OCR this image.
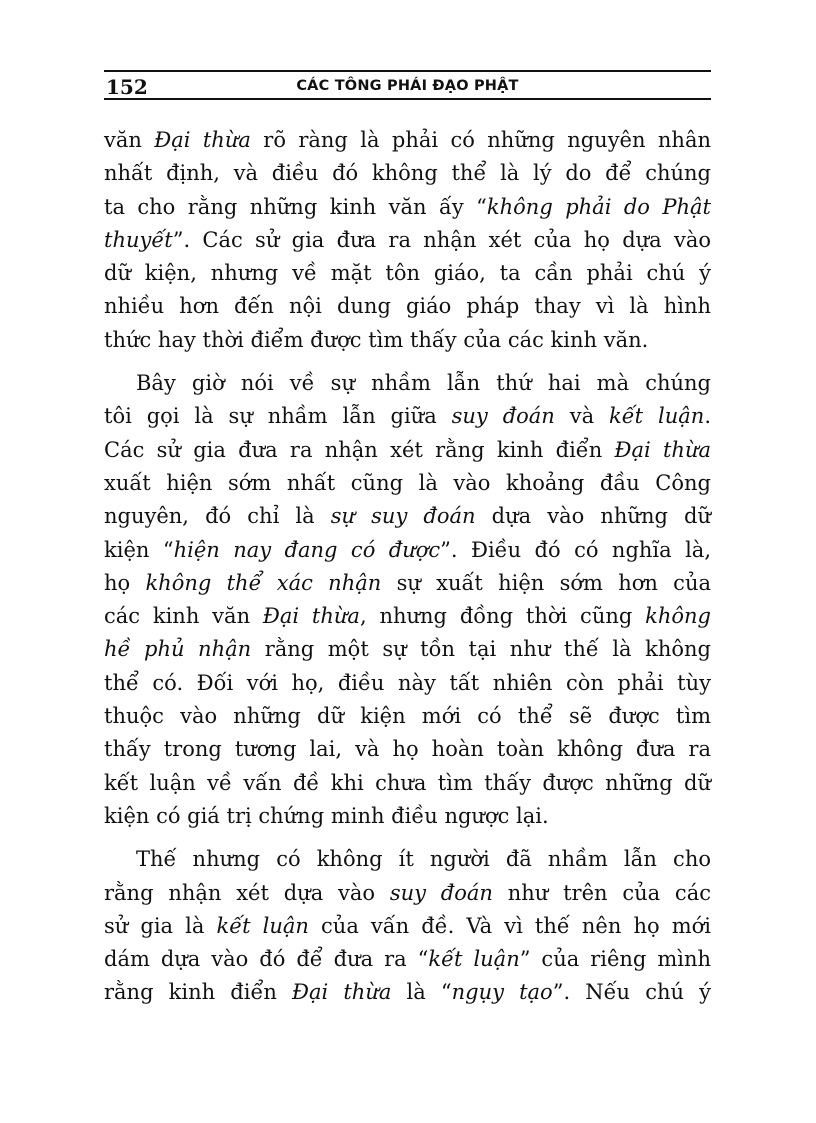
152	CÁC TÔNG PHÁI ĐẠO PHẬT
văn Đại thừa rõ ràng là phải có những nguyên nhân
nhất định, và điều đó không thể là lý do để chúng
ta cho rằng những kinh văn ấy “không phải do Phật
thuyết”. Các sử gia đưa ra nhận xét của họ dựa vào
dữ kiện, nhưng về mặt tôn giáo, ta cần phải chú ý
nhiều hơn đến nội dung giáo pháp thay vì là hình
thức hay thời điểm được tìm thấy của các kinh văn.
Bây giờ nói về sự nhầm lẫn thứ hai mà chúng
tôi gọi là sự nhầm lẫn giữa suy đoán và kết luận.
Các sử gia đưa ra nhận xét rằng kinh điển Đại thừa
xuất hiện sớm nhất cũng là vào khoảng đầu Công
nguyên, đó chỉ là sự suy đoán dựa vào những dữ
kiện “hiện nay đang có được”. Điều đó có nghĩa là,
họ không thể xác nhận sự xuất hiện sớm hơn của
các kinh văn Đại thừa, nhưng đồng thời cũng không
hề phủ nhận rằng một sự tồn tại như thế là không
thể có. Đối với họ, điều này tất nhiên còn phải tùy
thuộc vào những dữ kiện mới có thể sẽ được tìm
thấy trong tương lai, và họ hoàn toàn không đưa ra
kết luận về vấn đề khi chưa tìm thấy được những dữ
kiện có giá trị chứng minh điều ngược lại.
Thế nhưng có không ít người đã nhầm lẫn cho
rằng nhận xét dựa vào suy đoán như trên của các
sử gia là kết luận của vấn đề. Và vì thế nên họ mới
dám dựa vào đó để đưa ra “kết luận” của riêng mình
rằng kinh điển Đại thừa là “ngụy tạo”. Nếu chú ý
